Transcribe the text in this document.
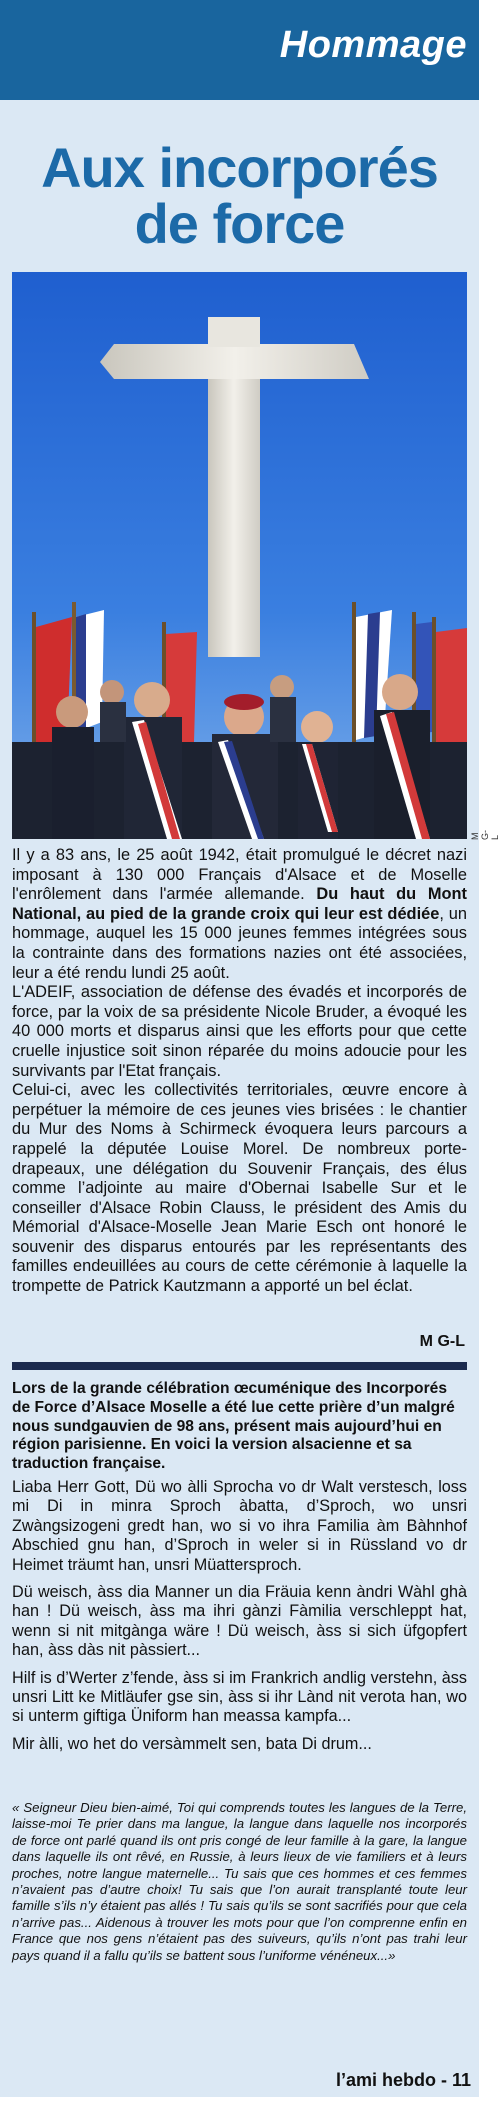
Hommage
Aux incorporés
de force
M G-L

Il y a 83 ans, le 25 août 1942, était promulgué le décret nazi imposant à 130 000 Français d'Alsace et de Moselle l'enrôlement dans l'armée allemande. Du haut du Mont National, au pied de la grande croix qui leur est dédiée, un hommage, auquel les 15 000 jeunes femmes intégrées sous la contrainte dans des formations nazies ont été associées, leur a été rendu lundi 25 août.

L'ADEIF, association de défense des évadés et incorporés de force, par la voix de sa présidente Nicole Bruder, a évoqué les 40 000 morts et disparus ainsi que les efforts pour que cette cruelle injustice soit sinon réparée du moins adoucie pour les survivants par l'Etat français.

Celui-ci, avec les collectivités territoriales, œuvre encore à perpétuer la mémoire de ces jeunes vies brisées : le chantier du Mur des Noms à Schirmeck évoquera leurs parcours a rappelé la députée Louise Morel. De nombreux porte-drapeaux, une délégation du Souvenir Français, des élus comme l’adjointe au maire d'Obernai Isabelle Sur et le conseiller d'Alsace Robin Clauss, le président des Amis du Mémorial d'Alsace-Moselle Jean Marie Esch ont honoré le souvenir des disparus entourés par les représentants des familles endeuillées au cours de cette cérémonie à laquelle la trompette de Patrick Kautzmann a apporté un bel éclat.

M G-L
Lors de la grande célébration œcuménique des Incorporés de Force d’Alsace Moselle a été lue cette prière d’un malgré nous sundgauvien de 98 ans, présent mais aujourd’hui en région parisienne. En voici la version alsacienne et sa traduction française.

Liaba Herr Gott, Dü wo àlli Sprocha vo dr Walt verstesch, loss mi Di in minra Sproch àbatta, d’Sproch, wo unsri Zwàngsizogeni gredt han, wo si vo ihra Familia àm Bàhnhof Abschied gnu han, d’Sproch in weler si in Rüssland vo dr Heimet träumt han, unsri Müattersproch.

Dü weisch, àss dia Manner un dia Fräuia kenn àndri Wàhl ghà han ! Dü weisch, àss ma ihri gànzi Fàmilia verschleppt hat, wenn si nit mitgànga wäre ! Dü weisch, àss si sich üfgopfert han, àss dàs nit pàssiert...

Hilf is d’Werter z’fende, àss si im Frankrich andlig verstehn, àss unsri Litt ke Mitläufer gse sin, àss si ihr Lànd nit verota han, wo si unterm giftiga Üniform han meassa kampfa...

Mir àlli, wo het do versàmmelt sen, bata Di drum...

« Seigneur Dieu bien-aimé, Toi qui comprends toutes les langues de la Terre, laisse-moi Te prier dans ma langue, la langue dans laquelle nos incorporés de force ont parlé quand ils ont pris congé de leur famille à la gare, la langue dans laquelle ils ont rêvé, en Russie, à leurs lieux de vie familiers et à leurs proches, notre langue maternelle... Tu sais que ces hommes et ces femmes n’avaient pas d’autre choix! Tu sais que l’on aurait transplanté toute leur famille s’ils n’y étaient pas allés ! Tu sais qu’ils se sont sacrifiés pour que cela n’arrive pas... Aidenous à trouver les mots pour que l’on comprenne enfin en France que nos gens n’étaient pas des suiveurs, qu’ils n’ont pas trahi leur pays quand il a fallu qu’ils se battent sous l’uniforme vénéneux...»
l’ami hebdo - 11
